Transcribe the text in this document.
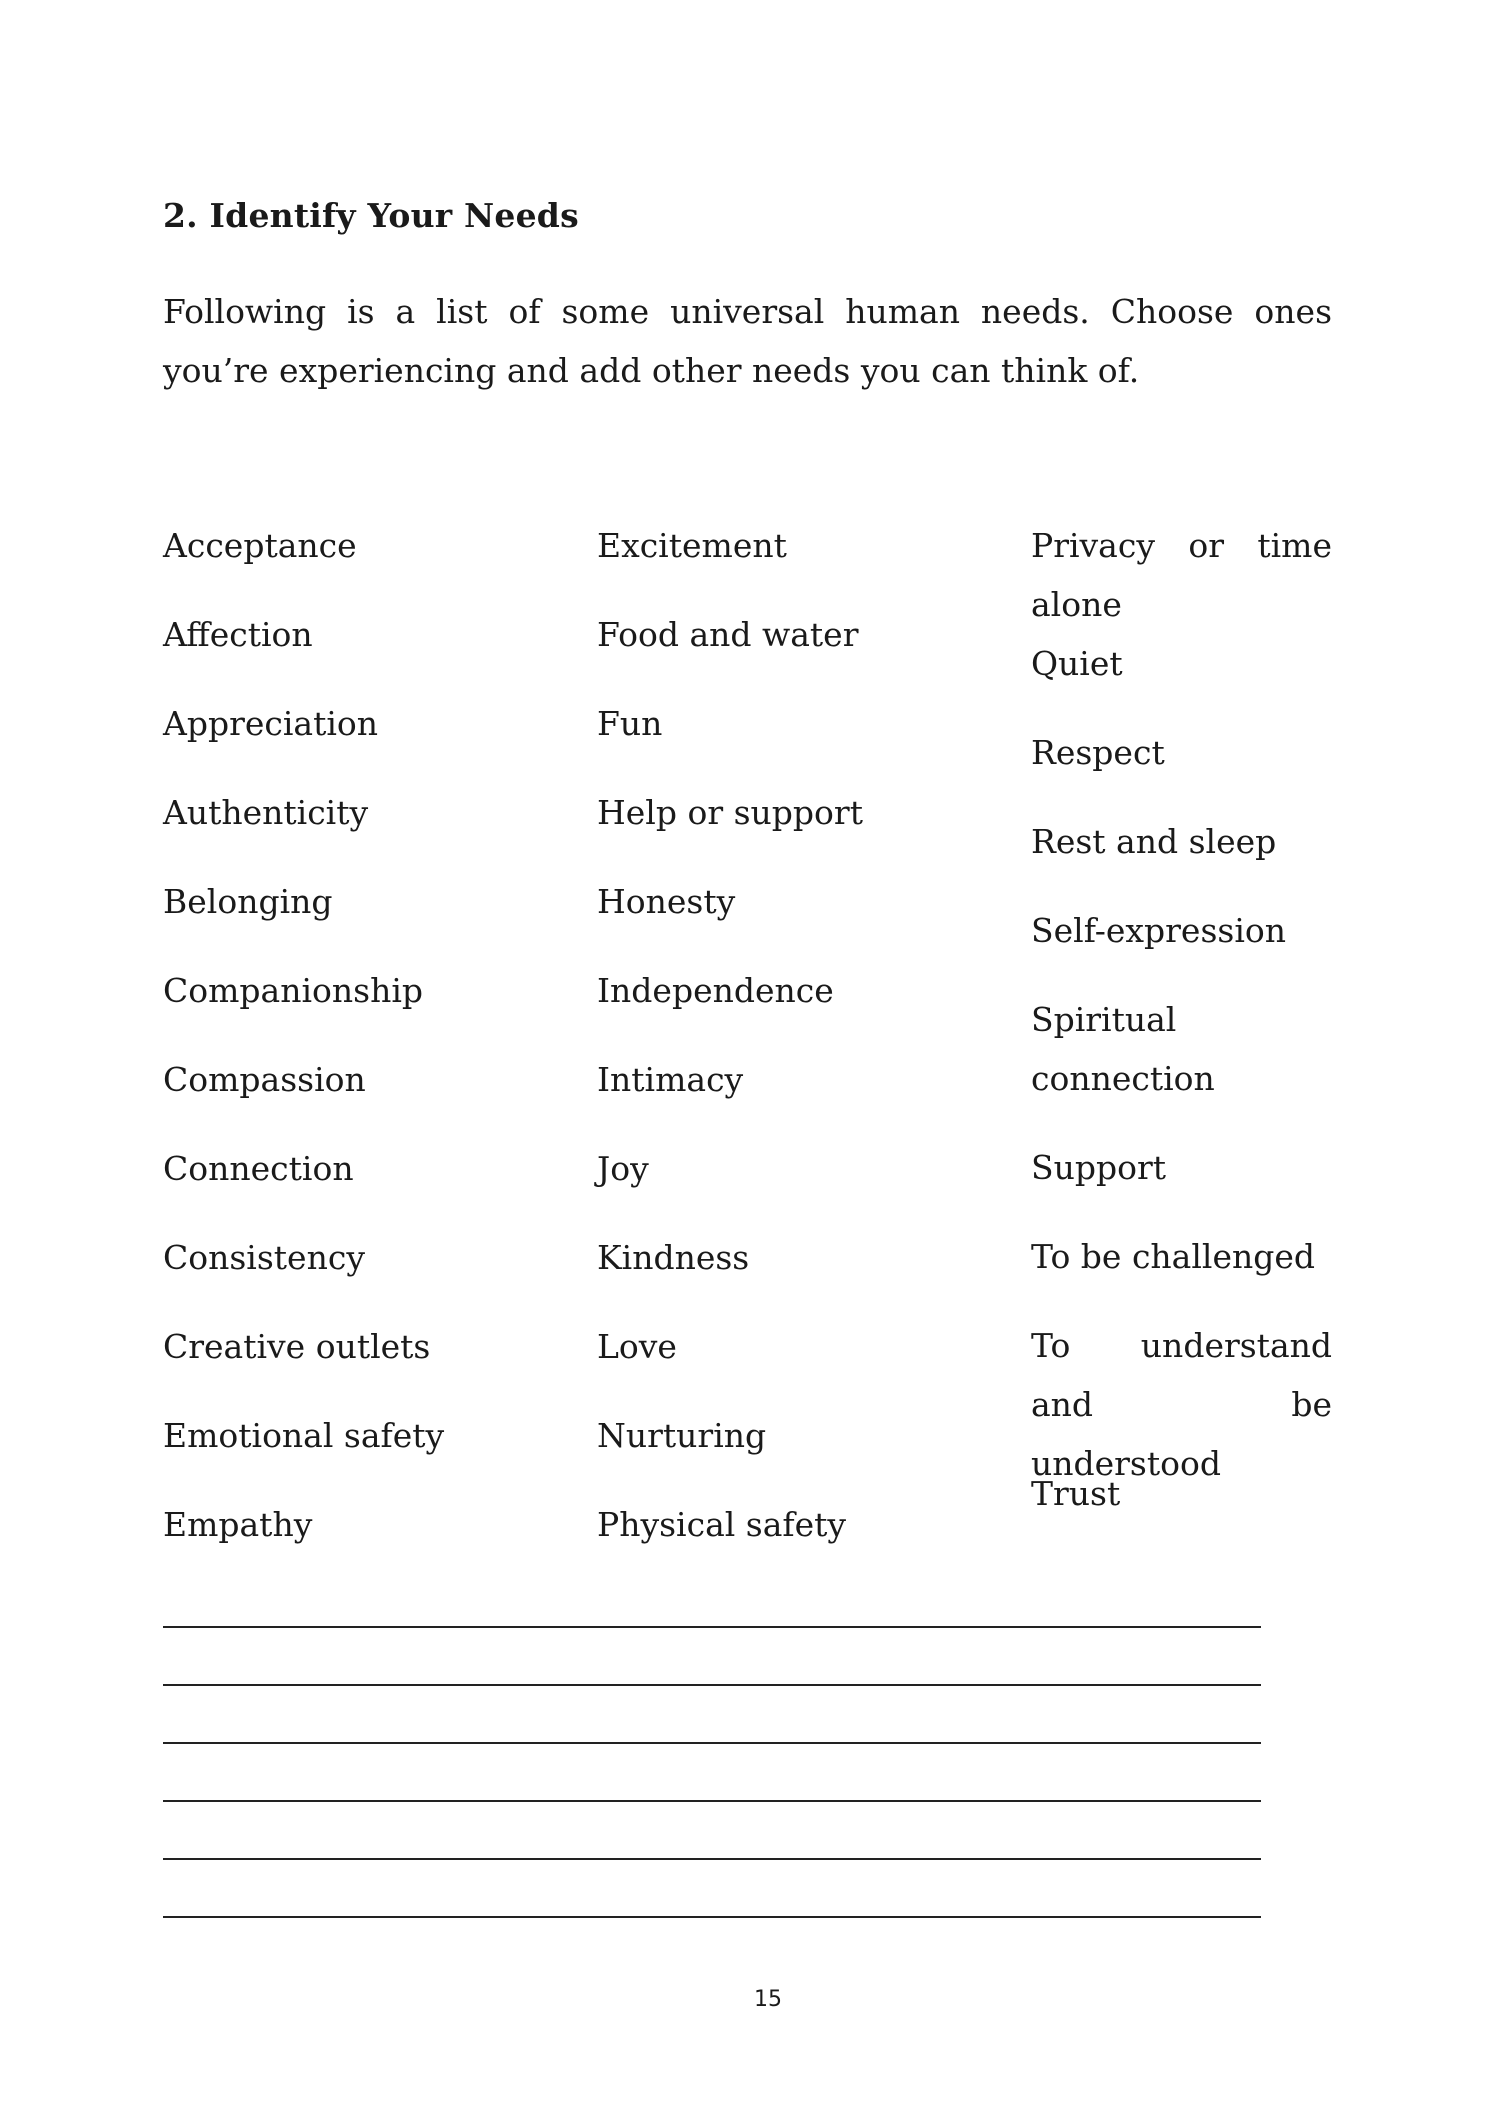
2. Identify Your Needs

Following is a list of some universal human needs. Choose ones you’re experiencing and add other needs you can think of.

Acceptance
Affection
Appreciation
Authenticity
Belonging
Companionship
Compassion
Connection
Consistency
Creative outlets
Emotional safety
Empathy
Excitement
Food and water
Fun
Help or support
Honesty
Independence
Intimacy
Joy
Kindness
Love
Nurturing
Physical safety
Privacy or time alone
Quiet
Respect
Rest and sleep
Self-expression
Spiritual connection
Support
To be challenged
To understand and be understood
Trust
15
